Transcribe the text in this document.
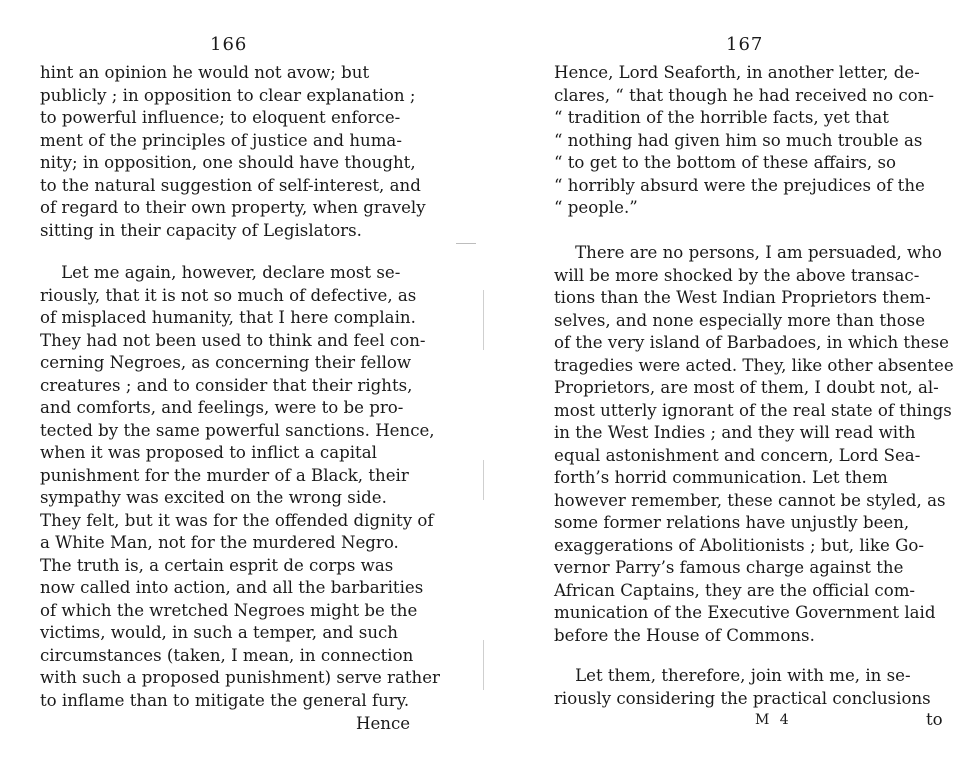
166
hint an opinion he would not avow; but
publicly ; in opposition to clear explanation ;
to powerful influence; to eloquent enforce-
ment of the principles of justice and huma-
nity; in opposition, one should have thought,
to the natural suggestion of self-interest, and
of regard to their own property, when gravely
sitting in their capacity of Legislators.
Let me again, however, declare most se-
riously, that it is not so much of defective, as
of misplaced humanity, that I here complain.
They had not been used to think and feel con-
cerning Negroes, as concerning their fellow
creatures ; and to consider that their rights,
and comforts, and feelings, were to be pro-
tected by the same powerful sanctions. Hence,
when it was proposed to inflict a capital
punishment for the murder of a Black, their
sympathy was excited on the wrong side.
They felt, but it was for the offended dignity of
a White Man, not for the murdered Negro.
The truth is, a certain esprit de corps was
now called into action, and all the barbarities
of which the wretched Negroes might be the
victims, would, in such a temper, and such
circumstances (taken, I mean, in connection
with such a proposed punishment) serve rather
to inflame than to mitigate the general fury.
Hence
167
Hence, Lord Seaforth, in another letter, de-
clares, “ that though he had received no con-
“ tradition of the horrible facts, yet that
“ nothing had given him so much trouble as
“ to get to the bottom of these affairs, so
“ horribly absurd were the prejudices of the
“ people.”
There are no persons, I am persuaded, who
will be more shocked by the above transac-
tions than the West Indian Proprietors them-
selves, and none especially more than those
of the very island of Barbadoes, in which these
tragedies were acted. They, like other absentee
Proprietors, are most of them, I doubt not, al-
most utterly ignorant of the real state of things
in the West Indies ; and they will read with
equal astonishment and concern, Lord Sea-
forth’s horrid communication. Let them
however remember, these cannot be styled, as
some former relations have unjustly been,
exaggerations of Abolitionists ; but, like Go-
vernor Parry’s famous charge against the
African Captains, they are the official com-
munication of the Executive Government laid
before the House of Commons.
Let them, therefore, join with me, in se-
riously considering the practical conclusions
M 4	to
